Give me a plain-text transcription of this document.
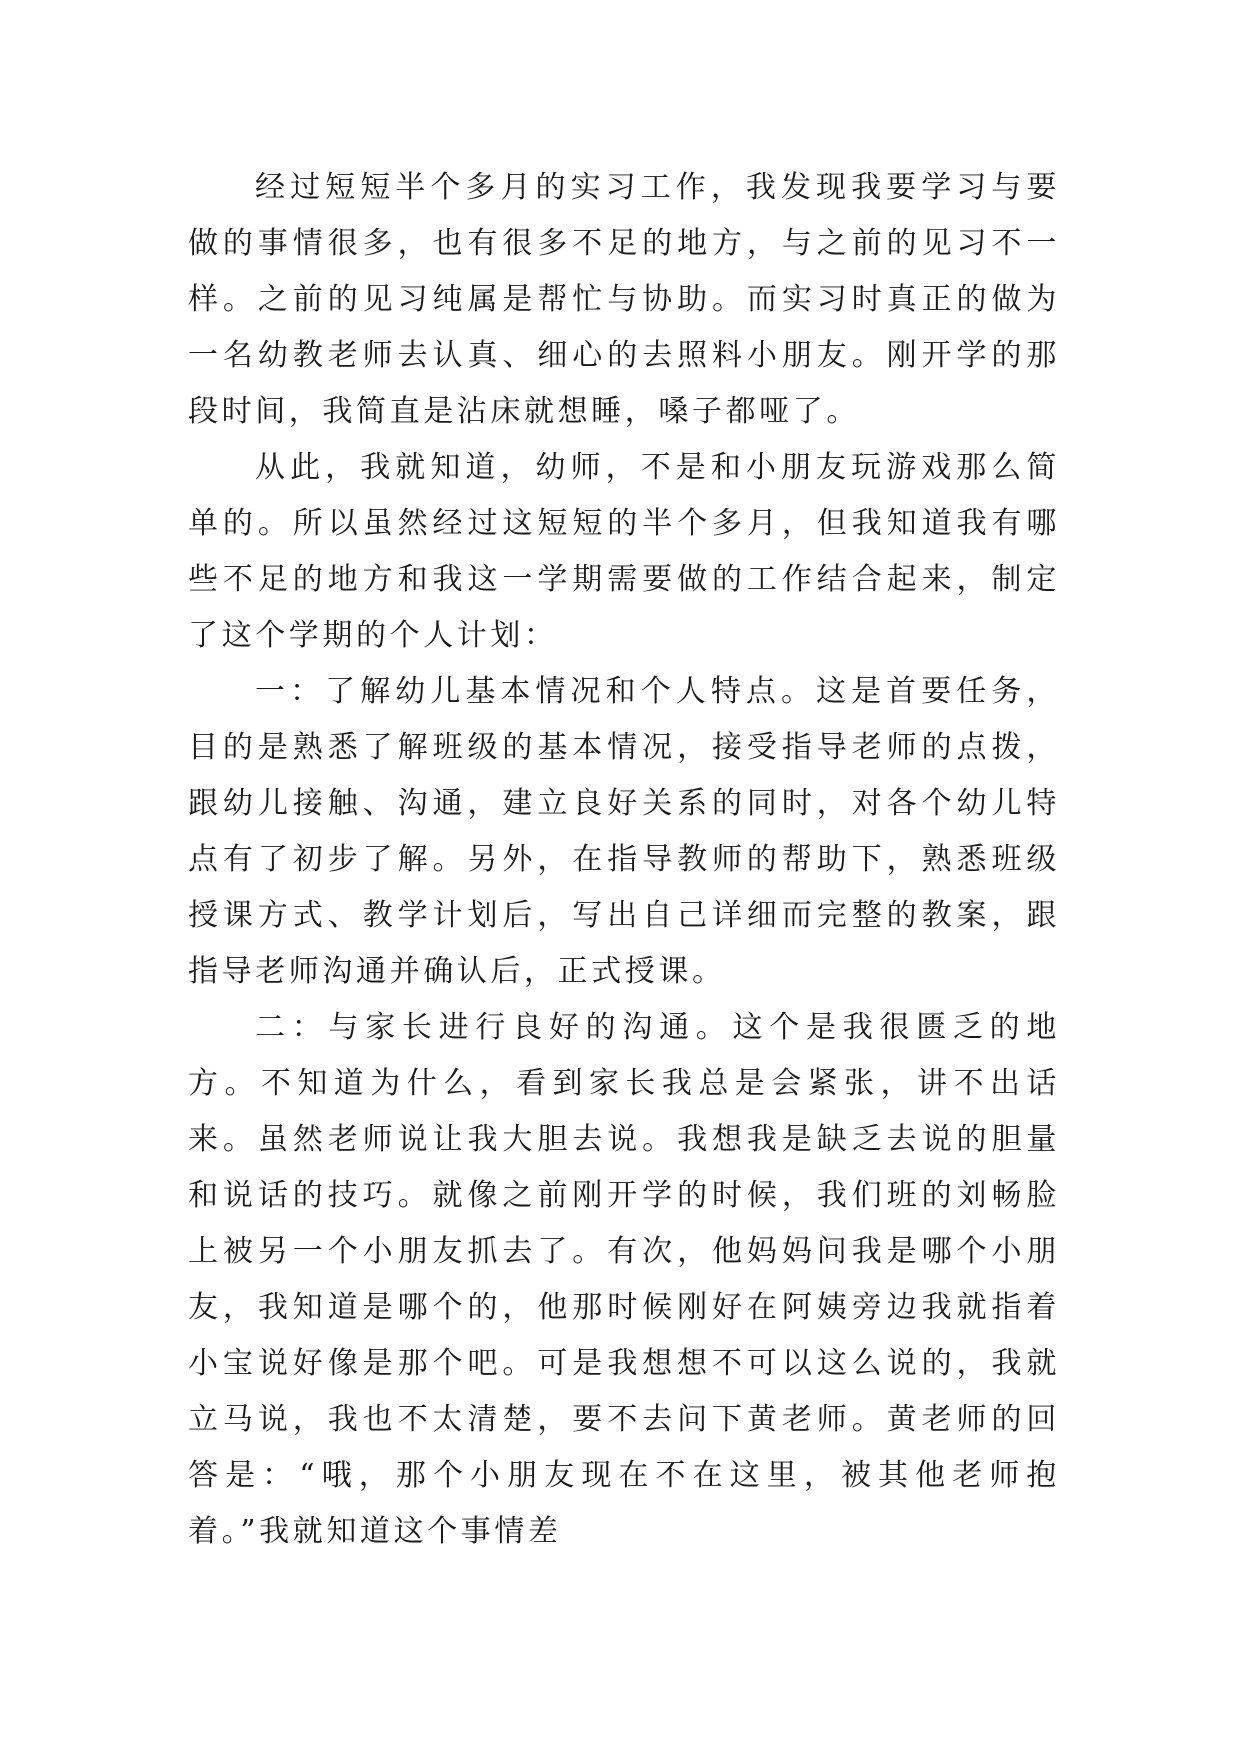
经过短短半个多月的实习工作，我发现我要学习与要做的事情很多，也有很多不足的地方，与之前的见习不一样。之前的见习纯属是帮忙与协助。而实习时真正的做为一名幼教老师去认真、细心的去照料小朋友。刚开学的那段时间，我简直是沾床就想睡，嗓子都哑了。

从此，我就知道，幼师，不是和小朋友玩游戏那么简单的。所以虽然经过这短短的半个多月，但我知道我有哪些不足的地方和我这一学期需要做的工作结合起来，制定了这个学期的个人计划：

一：了解幼儿基本情况和个人特点。这是首要任务，目的是熟悉了解班级的基本情况，接受指导老师的点拨，跟幼儿接触、沟通，建立良好关系的同时，对各个幼儿特点有了初步了解。另外，在指导教师的帮助下，熟悉班级授课方式、教学计划后，写出自己详细而完整的教案，跟指导老师沟通并确认后，正式授课。

二：与家长进行良好的沟通。这个是我很匮乏的地方。不知道为什么，看到家长我总是会紧张，讲不出话来。虽然老师说让我大胆去说。我想我是缺乏去说的胆量和说话的技巧。就像之前刚开学的时候，我们班的刘畅脸上被另一个小朋友抓去了。有次，他妈妈问我是哪个小朋友，我知道是哪个的，他那时候刚好在阿姨旁边我就指着小宝说好像是那个吧。可是我想想不可以这么说的，我就立马说，我也不太清楚，要不去问下黄老师。黄老师的回答是：“哦，那个小朋友现在不在这里，被其他老师抱着。”我就知道这个事情差
